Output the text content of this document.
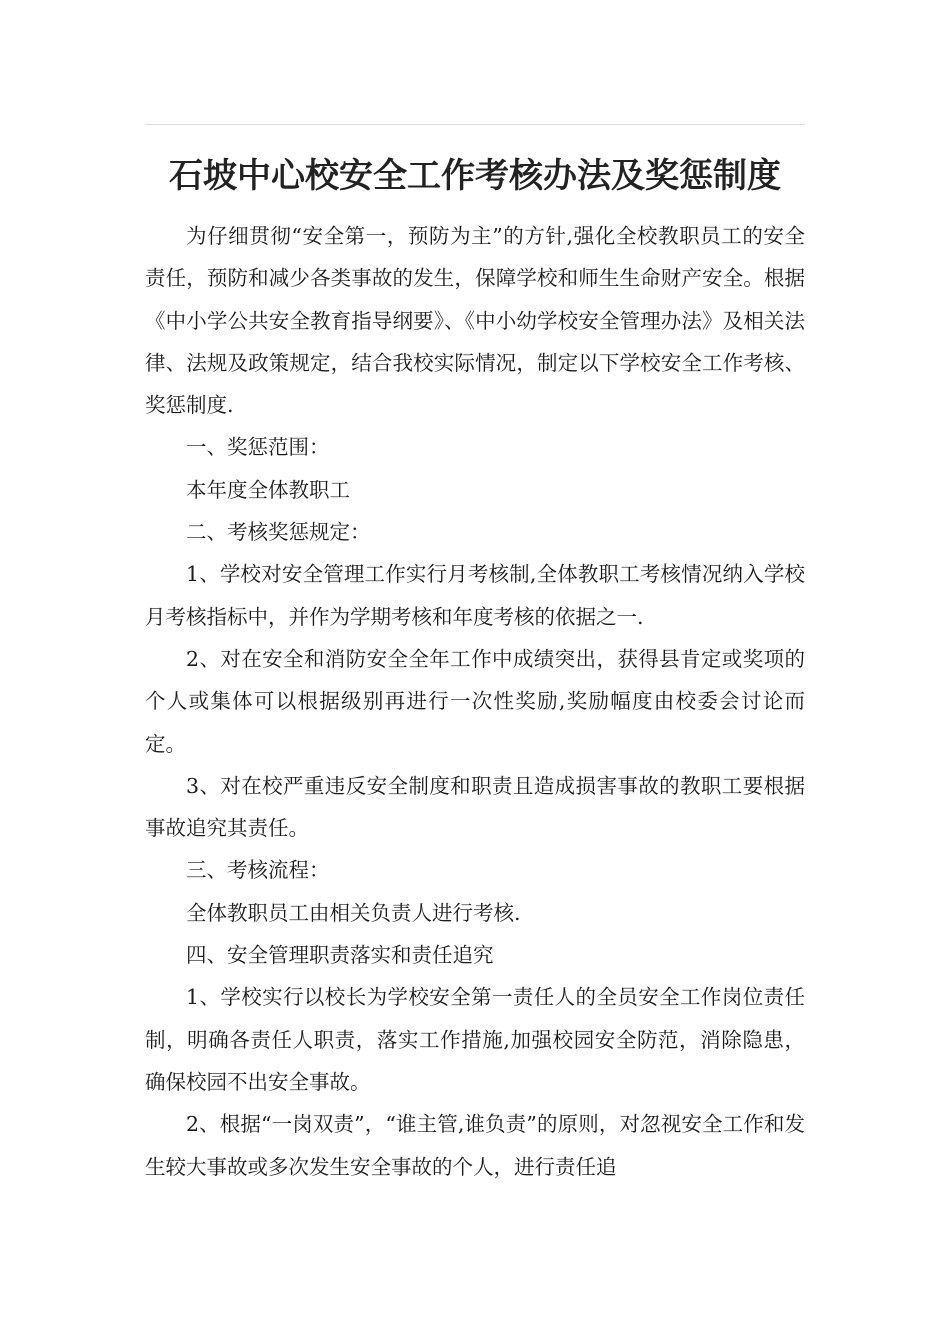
石坡中心校安全工作考核办法及奖惩制度

为仔细贯彻“安全第一，预防为主”的方针,强化全校教职员工的安全责任，预防和减少各类事故的发生，保障学校和师生生命财产安全。根据《中小学公共安全教育指导纲要》、《中小幼学校安全管理办法》及相关法律、法规及政策规定，结合我校实际情况，制定以下学校安全工作考核、奖惩制度.

一、奖惩范围：

本年度全体教职工

二、考核奖惩规定：

1、学校对安全管理工作实行月考核制,全体教职工考核情况纳入学校月考核指标中，并作为学期考核和年度考核的依据之一.

2、对在安全和消防安全全年工作中成绩突出，获得县肯定或奖项的个人或集体可以根据级别再进行一次性奖励,奖励幅度由校委会讨论而定。

3、对在校严重违反安全制度和职责且造成损害事故的教职工要根据事故追究其责任。

三、考核流程：

全体教职员工由相关负责人进行考核.

四、安全管理职责落实和责任追究

1、学校实行以校长为学校安全第一责任人的全员安全工作岗位责任制，明确各责任人职责，落实工作措施,加强校园安全防范，消除隐患，确保校园不出安全事故。

2、根据“一岗双责”，“谁主管,谁负责”的原则，对忽视安全工作和发生较大事故或多次发生安全事故的个人，进行责任追
